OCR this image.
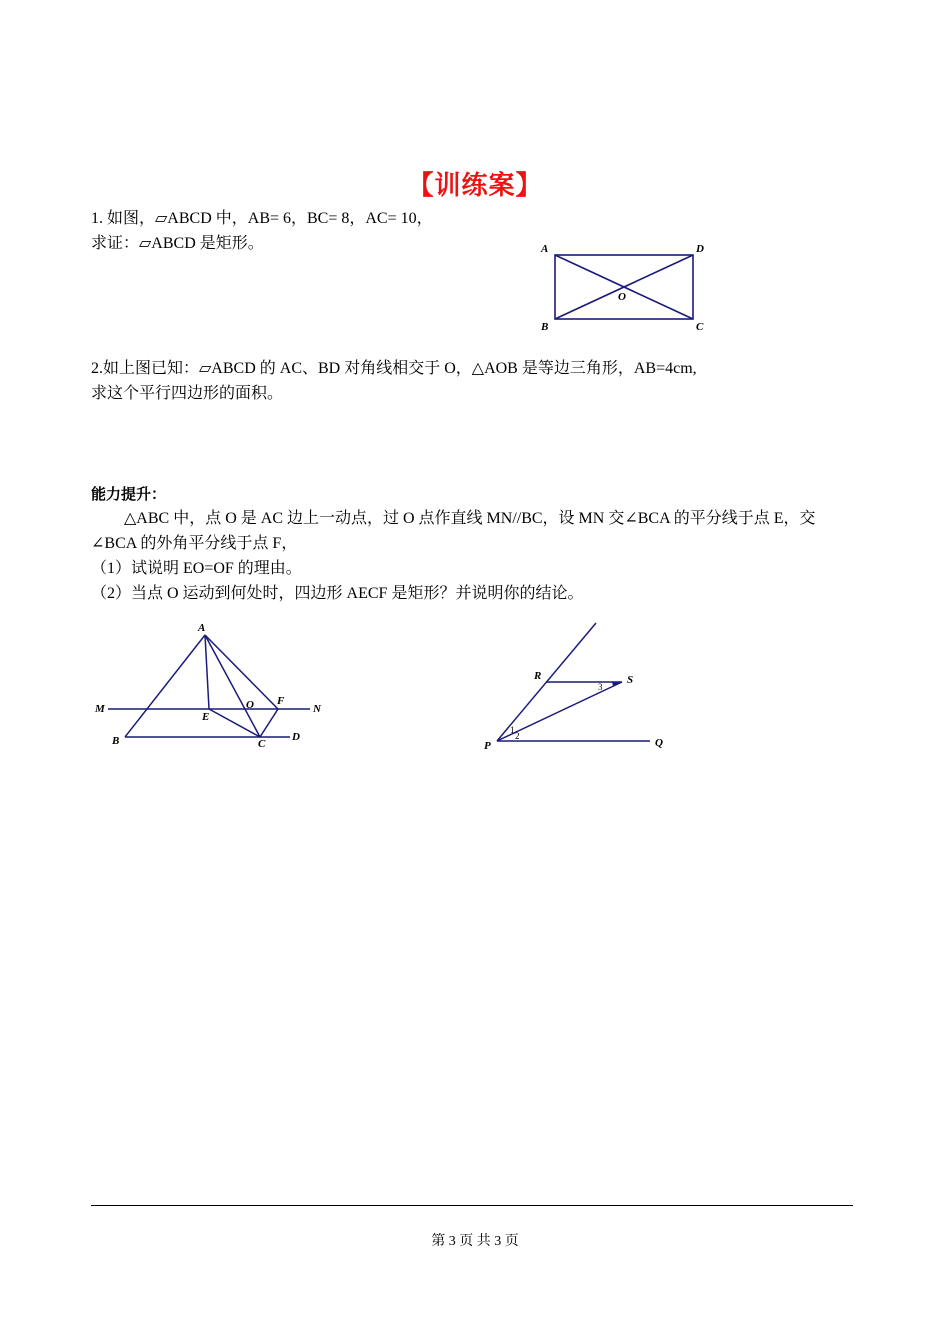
【训练案】
1. 如图，▱ABCD 中，AB= 6，BC= 8，AC= 10，
求证：▱ABCD 是矩形。	A	D
O
B	C
2.如上图已知：▱ABCD 的 AC、BD 对角线相交于 O，△AOB 是等边三角形，AB=4cm,
求这个平行四边形的面积。
能力提升：
△ABC 中，点 O 是 AC 边上一动点，过 O 点作直线 MN//BC，设 MN 交∠BCA 的平分线于点 E，交
∠BCA 的外角平分线于点 F，
（1）试说明 EO=OF 的理由。
（2）当点 O 运动到何处时，四边形 AECF 是矩形？并说明你的结论。
A
M	N
E
O F
B	C
D
R	S
P	Q
1
2
3
第 3 页 共 3 页
